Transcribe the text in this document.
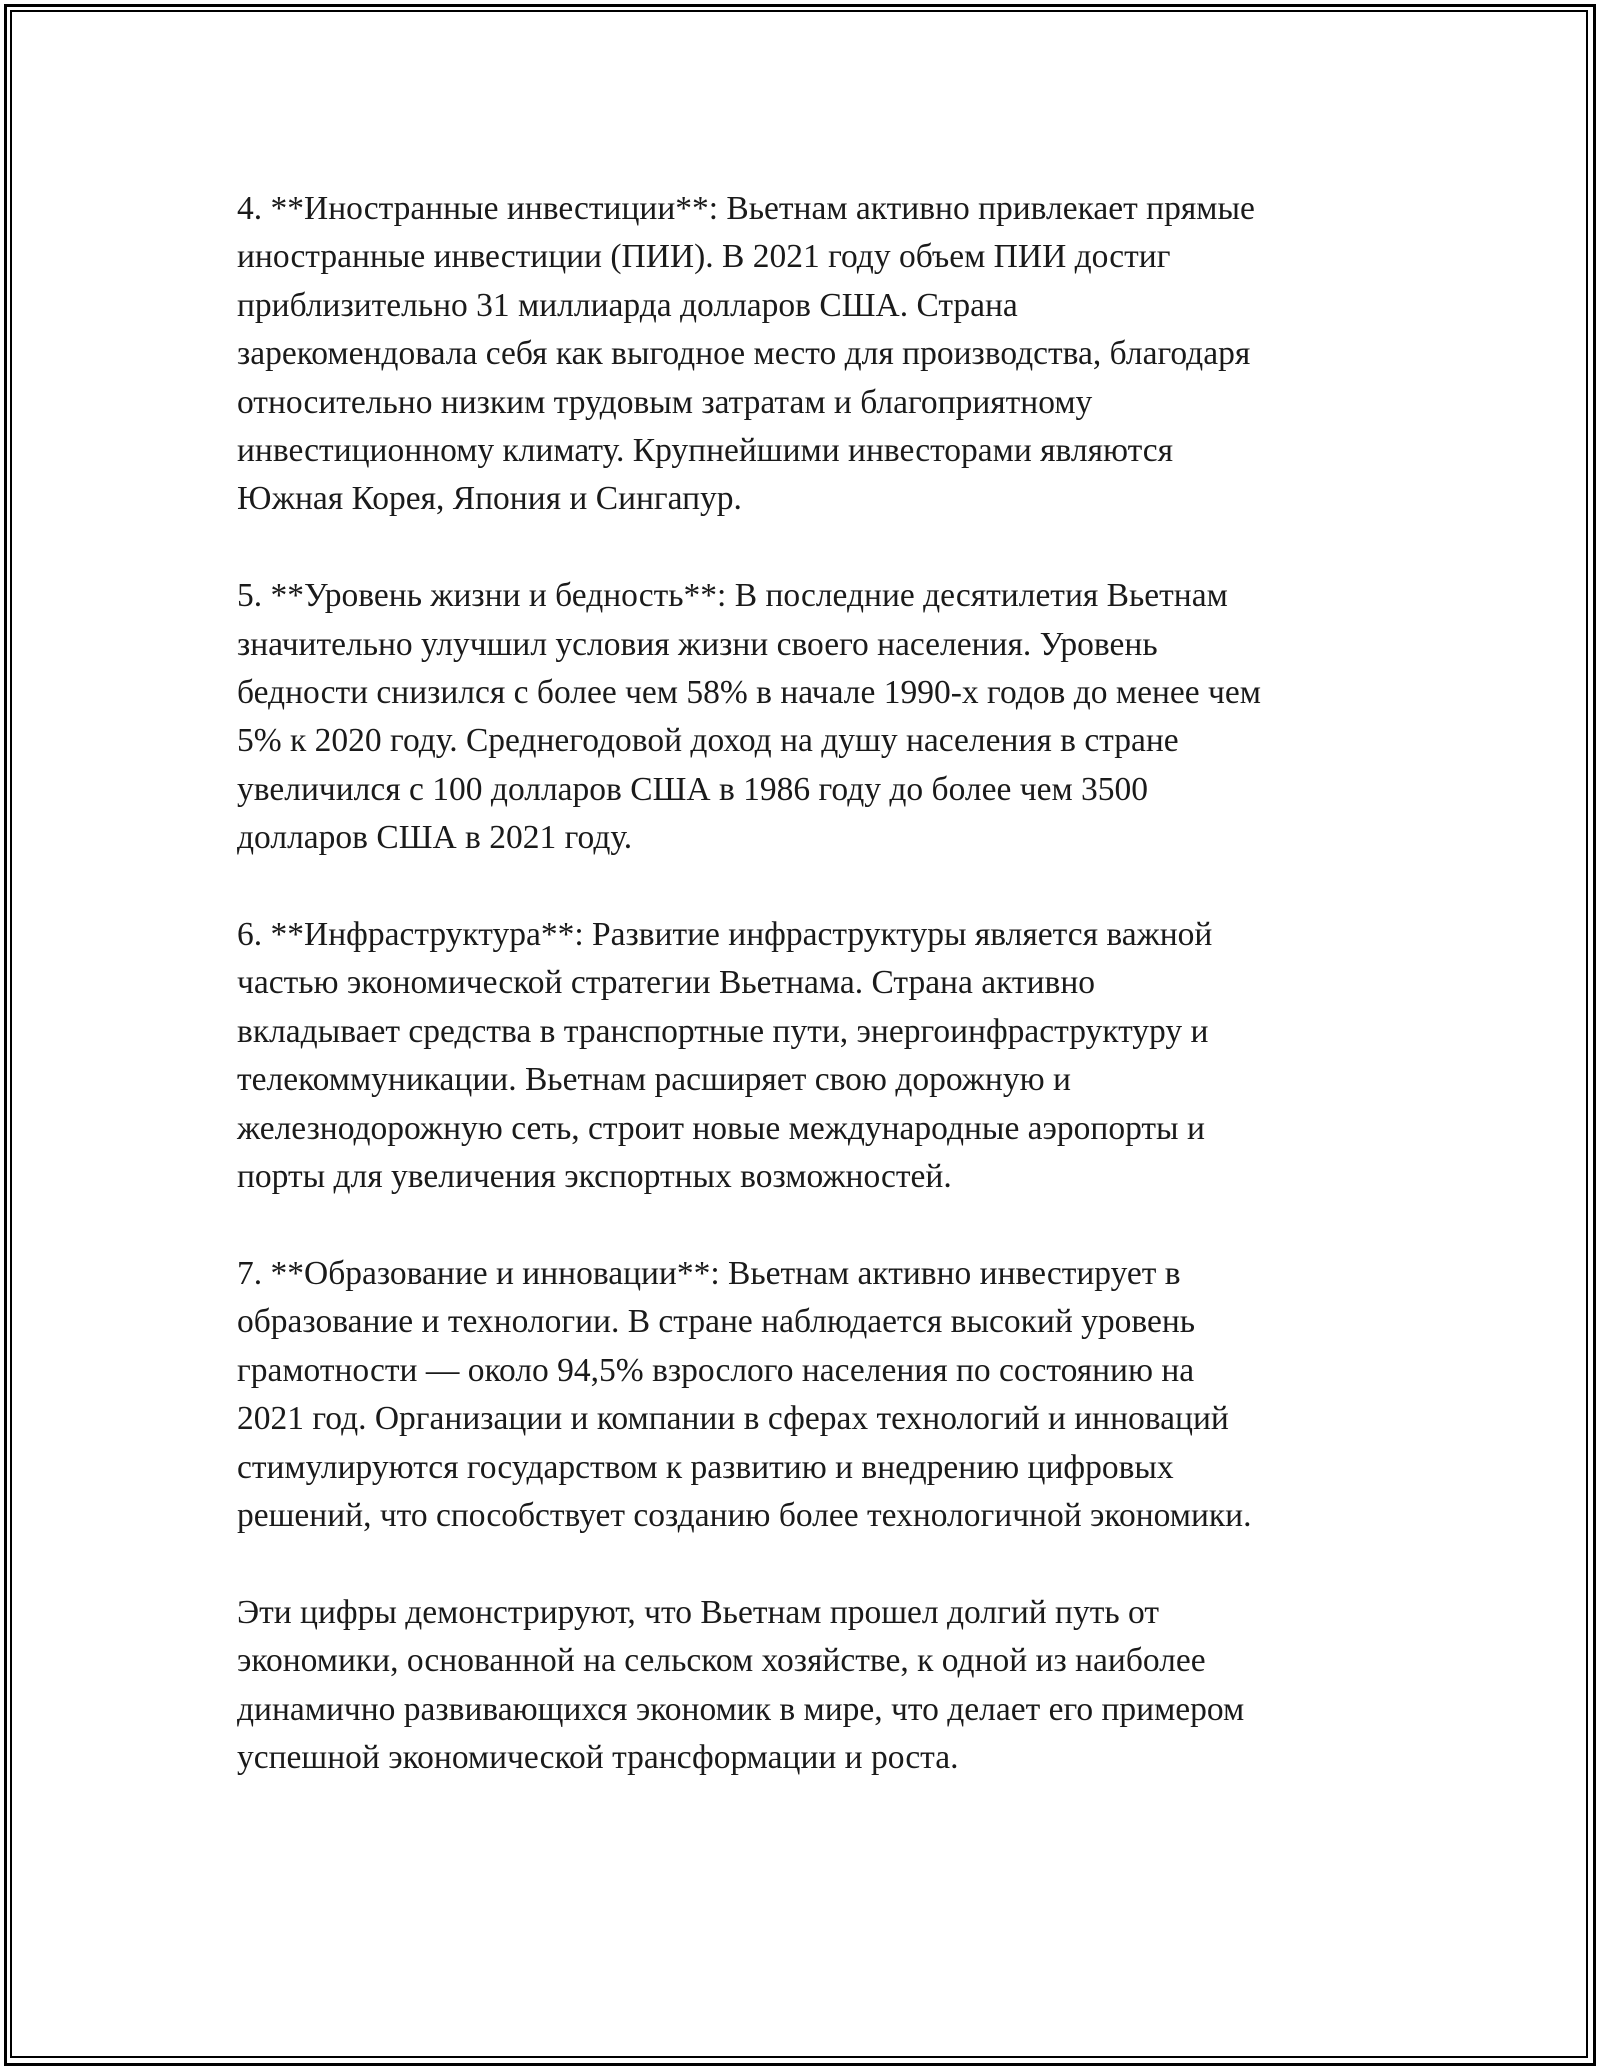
4. **Иностранные инвестиции**: Вьетнам активно привлекает прямые
иностранные инвестиции (ПИИ). В 2021 году объем ПИИ достиг
приблизительно 31 миллиарда долларов США. Страна
зарекомендовала себя как выгодное место для производства, благодаря
относительно низким трудовым затратам и благоприятному
инвестиционному климату. Крупнейшими инвесторами являются
Южная Корея, Япония и Сингапур.

5. **Уровень жизни и бедность**: В последние десятилетия Вьетнам
значительно улучшил условия жизни своего населения. Уровень
бедности снизился с более чем 58% в начале 1990-х годов до менее чем
5% к 2020 году. Среднегодовой доход на душу населения в стране
увеличился с 100 долларов США в 1986 году до более чем 3500
долларов США в 2021 году.

6. **Инфраструктура**: Развитие инфраструктуры является важной
частью экономической стратегии Вьетнама. Страна активно
вкладывает средства в транспортные пути, энергоинфраструктуру и
телекоммуникации. Вьетнам расширяет свою дорожную и
железнодорожную сеть, строит новые международные аэропорты и
порты для увеличения экспортных возможностей.

7. **Образование и инновации**: Вьетнам активно инвестирует в
образование и технологии. В стране наблюдается высокий уровень
грамотности — около 94,5% взрослого населения по состоянию на
2021 год. Организации и компании в сферах технологий и инноваций
стимулируются государством к развитию и внедрению цифровых
решений, что способствует созданию более технологичной экономики.

Эти цифры демонстрируют, что Вьетнам прошел долгий путь от
экономики, основанной на сельском хозяйстве, к одной из наиболее
динамично развивающихся экономик в мире, что делает его примером
успешной экономической трансформации и роста.
